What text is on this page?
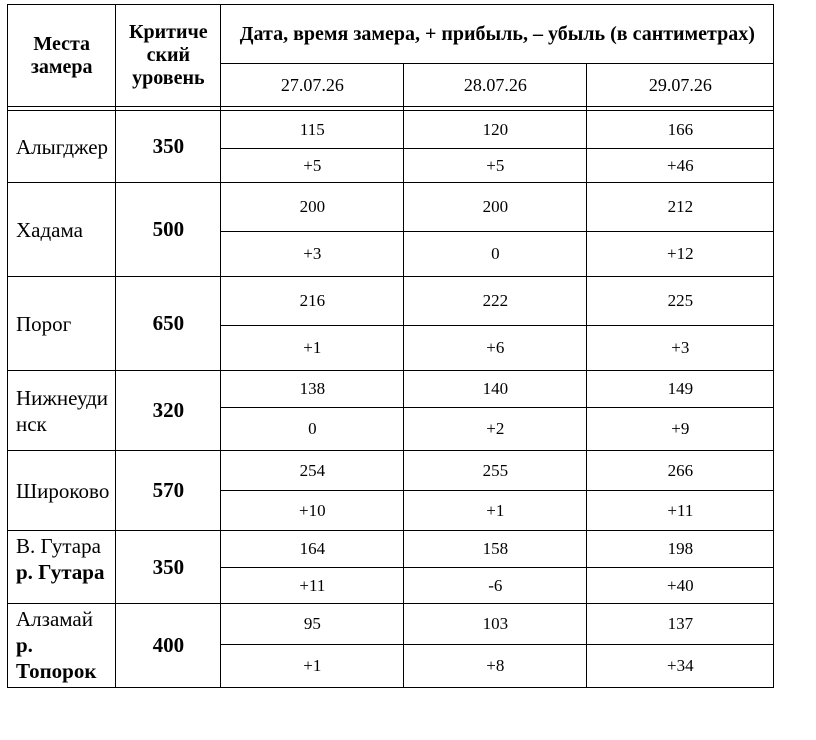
Места замера	Критиче ский уровень	Дата, время замера, + прибыль, – убыль (в сантиметрах)		
		27.07.26	28.07.26	29.07.26

Алыгджер	350	115	120	166
		+5	+5	+46
Хадама	500	200	200	212
		+3	0	+12
Порог	650	216	222	225
		+1	+6	+3
Нижнеуди нск	320	138	140	149
		0	+2	+9
Широково	570	254	255	266
		+10	+1	+11
В. Гутара
р. Гутара	350	164	158	198
		+11	-6	+40
Алзамай
р. Топорок	400	95	103	137
		+1	+8	+34
